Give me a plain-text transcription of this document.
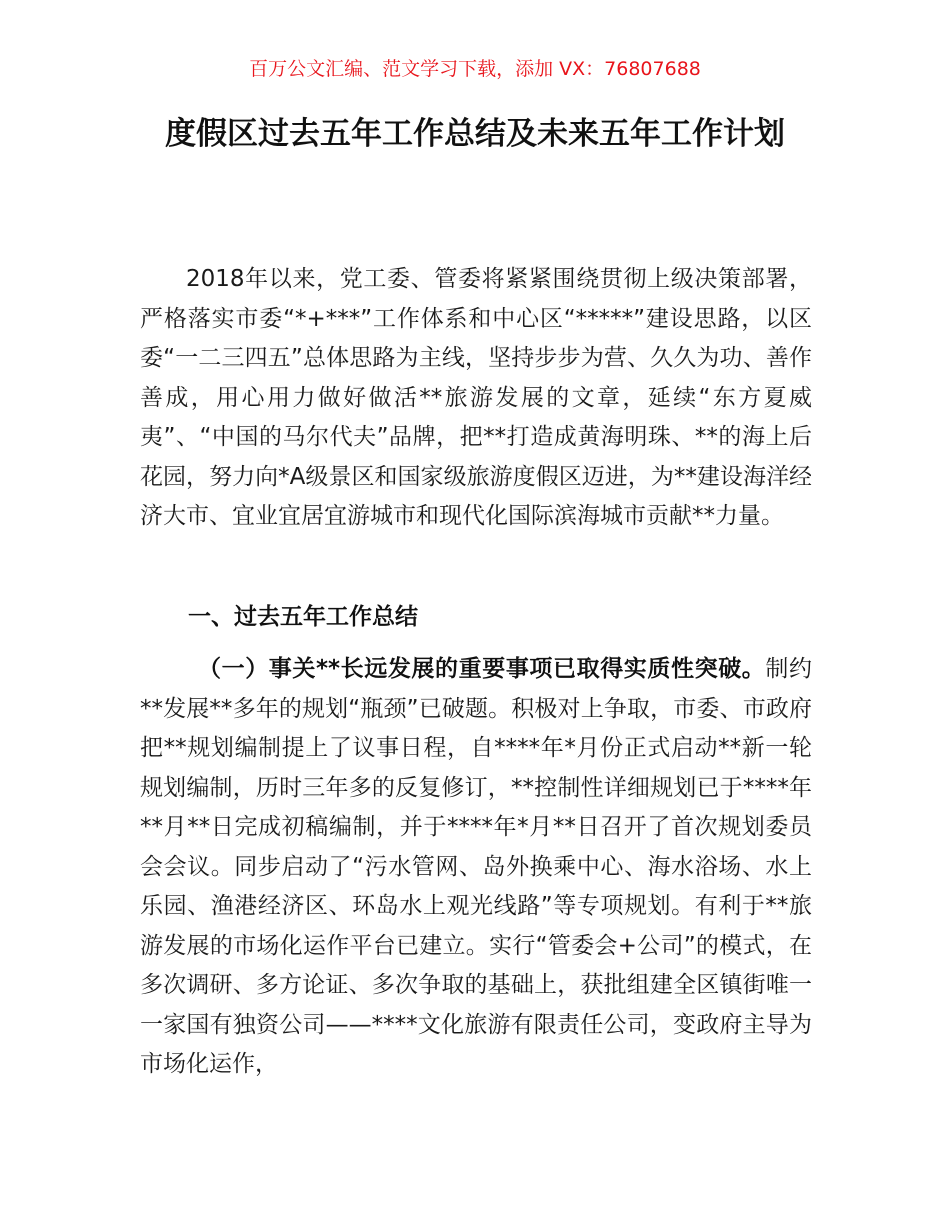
百万公文汇编、范文学习下载，添加 VX：76807688
度假区过去五年工作总结及未来五年工作计划

2018年以来，党工委、管委将紧紧围绕贯彻上级决策部署，严格落实市委“*+***”工作体系和中心区“*****”建设思路，以区委“一二三四五”总体思路为主线，坚持步步为营、久久为功、善作善成，用心用力做好做活**旅游发展的文章，延续“东方夏威夷”、“中国的马尔代夫”品牌，把**打造成黄海明珠、**的海上后花园，努力向*A级景区和国家级旅游度假区迈进，为**建设海洋经济大市、宜业宜居宜游城市和现代化国际滨海城市贡献**力量。

一、过去五年工作总结

（一）事关**长远发展的重要事项已取得实质性突破。制约**发展**多年的规划“瓶颈”已破题。积极对上争取，市委、市政府把**规划编制提上了议事日程，自****年*月份正式启动**新一轮规划编制，历时三年多的反复修订，**控制性详细规划已于****年**月**日完成初稿编制，并于****年*月**日召开了首次规划委员会会议。同步启动了“污水管网、岛外换乘中心、海水浴场、水上乐园、渔港经济区、环岛水上观光线路”等专项规划。有利于**旅游发展的市场化运作平台已建立。实行“管委会+公司”的模式，在多次调研、多方论证、多次争取的基础上，获批组建全区镇街唯一一家国有独资公司——****文化旅游有限责任公司，变政府主导为市场化运作，
